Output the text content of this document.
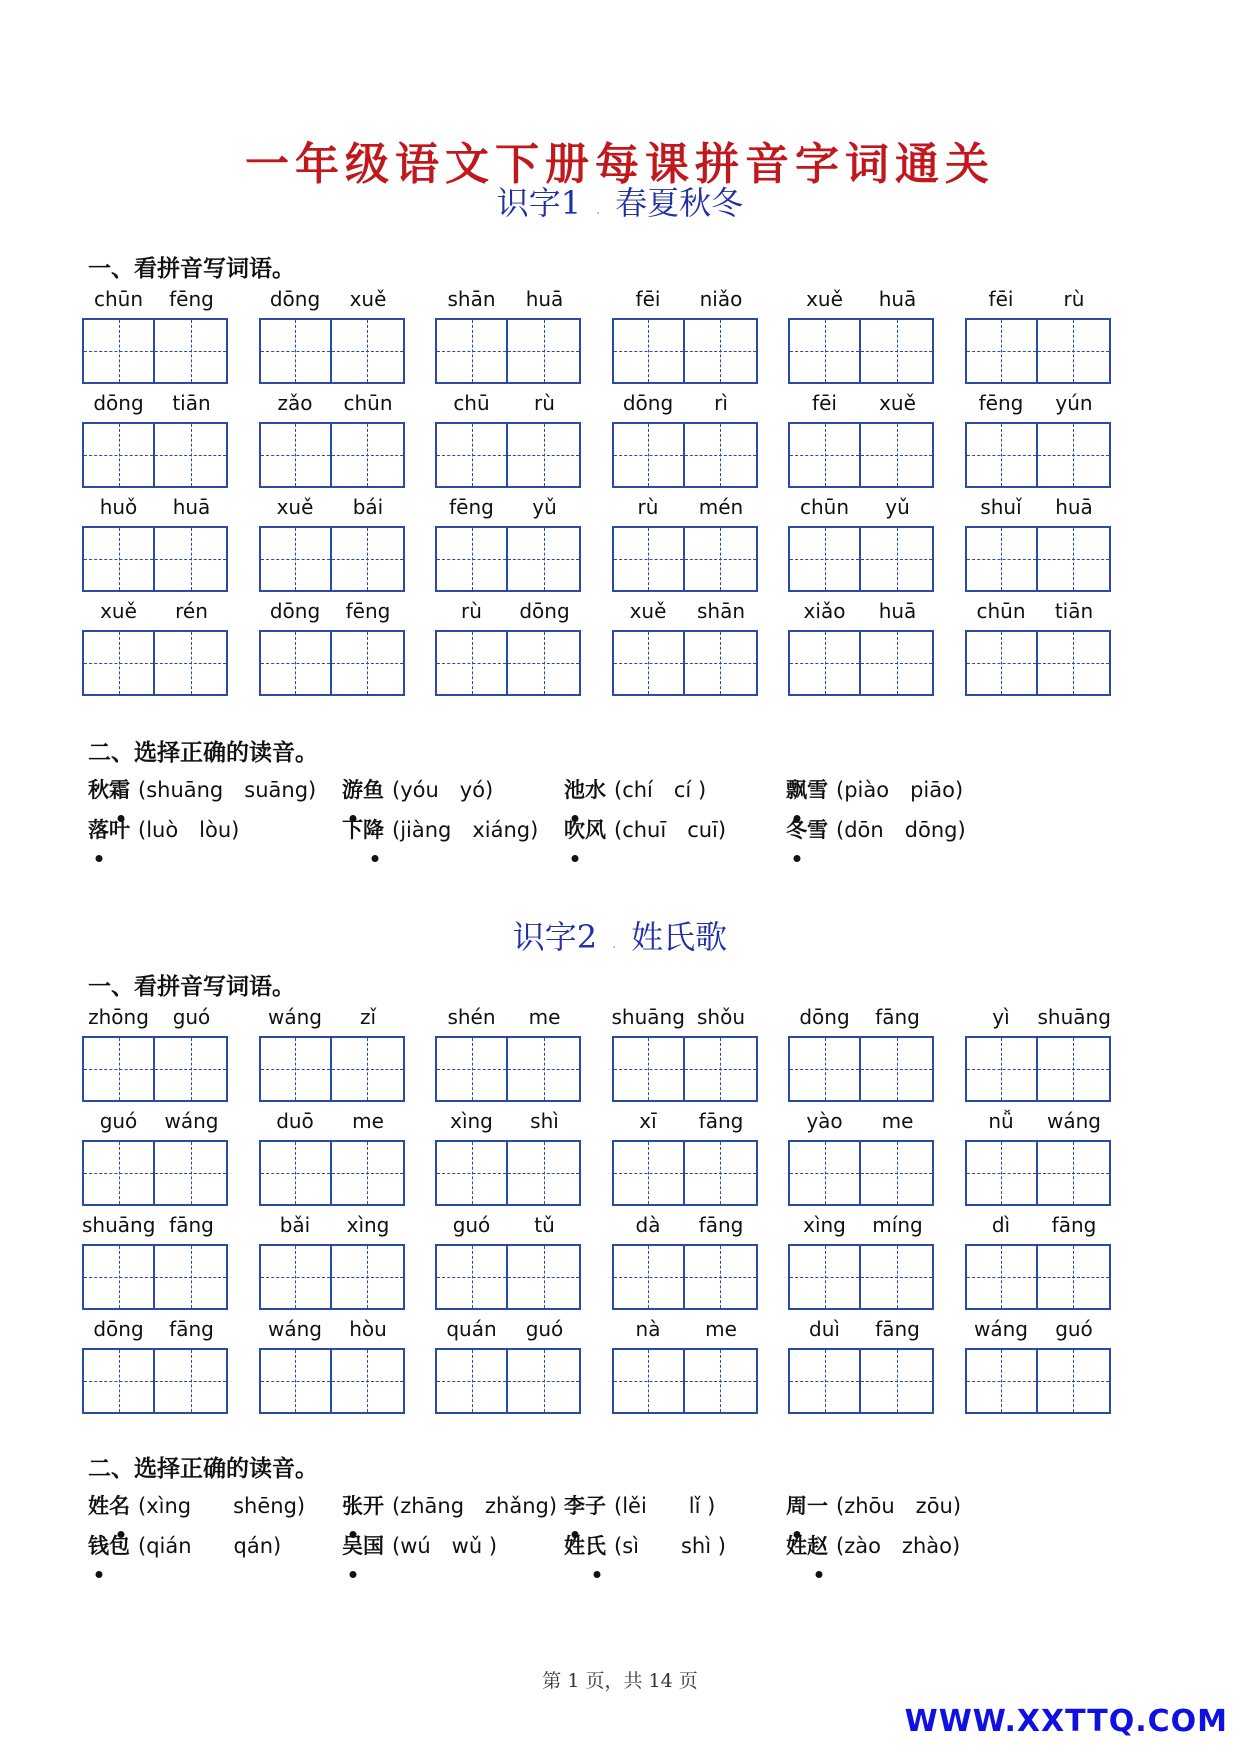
一年级语文下册每课拼音字词通关
识字1 . 春夏秋冬
一、看拼音写词语。
chūn	fēng	dōng	xuě	shān	huā	fēi	niǎo	xuě	huā	fēi	rù
dōng	tiān	zǎo	chūn	chū	rù	dōng	rì	fēi	xuě	fēng	yún
huǒ	huā	xuě	bái	fēng	yǔ	rù	mén	chūn	yǔ	shuǐ	huā
xuě	rén	dōng	fēng	rù	dōng	xuě	shān	xiǎo	huā	chūn	tiān
二、选择正确的读音。
秋霜 (shuāng　suāng) 游鱼 (yóu　yó)	池水 (chí　cí )	飘雪 (piào　piāo)
落叶 (luò　lòu)	下降 (jiàng　xiáng) 吹风 (chuī　cuī)	冬雪 (dōn　dōng)
识字2 . 姓氏歌
一、看拼音写词语。
zhōng	guó	wáng	zǐ	shén	me	shuāng shǒu	dōng	fāng	yì	shuāng
guó	wáng	duō	me	xìng	shì	xī	fāng	yào	me	nǚ	wáng
shuāng fāng	bǎi	xìng	guó	tǔ	dà	fāng	xìng	míng	dì	fāng
dōng	fāng	wáng	hòu	quán	guó	nà	me	duì	fāng	wáng	guó
二、选择正确的读音。
姓名 (xìng　　shēng) 张开 (zhāng　zhǎng) 李子 (lěi　　lǐ )	周一 (zhōu　zōu)
钱包 (qián　　qán)	吴国 (wú　wǔ )	姓氏 (sì　　shì )	姓赵 (zào　zhào)
第 1 页，共 14 页
WWW.XXTTQ.COM
